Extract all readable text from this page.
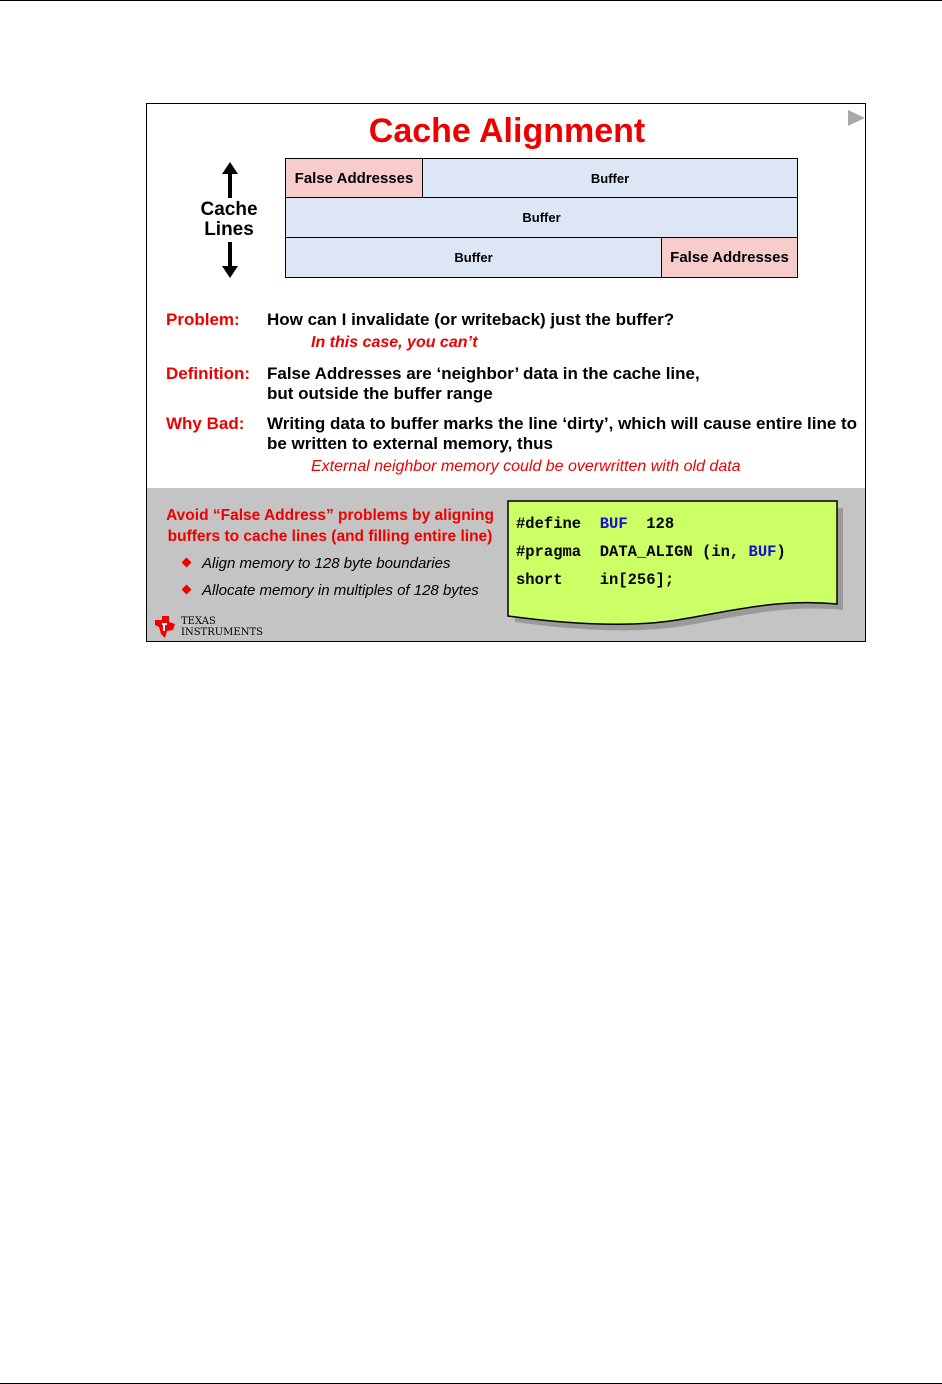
Cache Alignment
Cache
Lines
False Addresses	Buffer
Buffer
Buffer	False Addresses
Problem: How can I invalidate (or writeback) just the buffer?
In this case, you can’t
Definition: False Addresses are ‘neighbor’ data in the cache line,
but outside the buffer range
Why Bad: Writing data to buffer marks the line ‘dirty’, which will cause entire line to
be written to external memory, thus
External neighbor memory could be overwritten with old data
Avoid “False Address” problems by aligning
buffers to cache lines (and filling entire line)
Align memory to 128 byte boundaries
Allocate memory in multiples of 128 bytes
#define  BUF  128
#pragma  DATA_ALIGN (in, BUF)
short    in[256];
TEXAS
INSTRUMENTS
